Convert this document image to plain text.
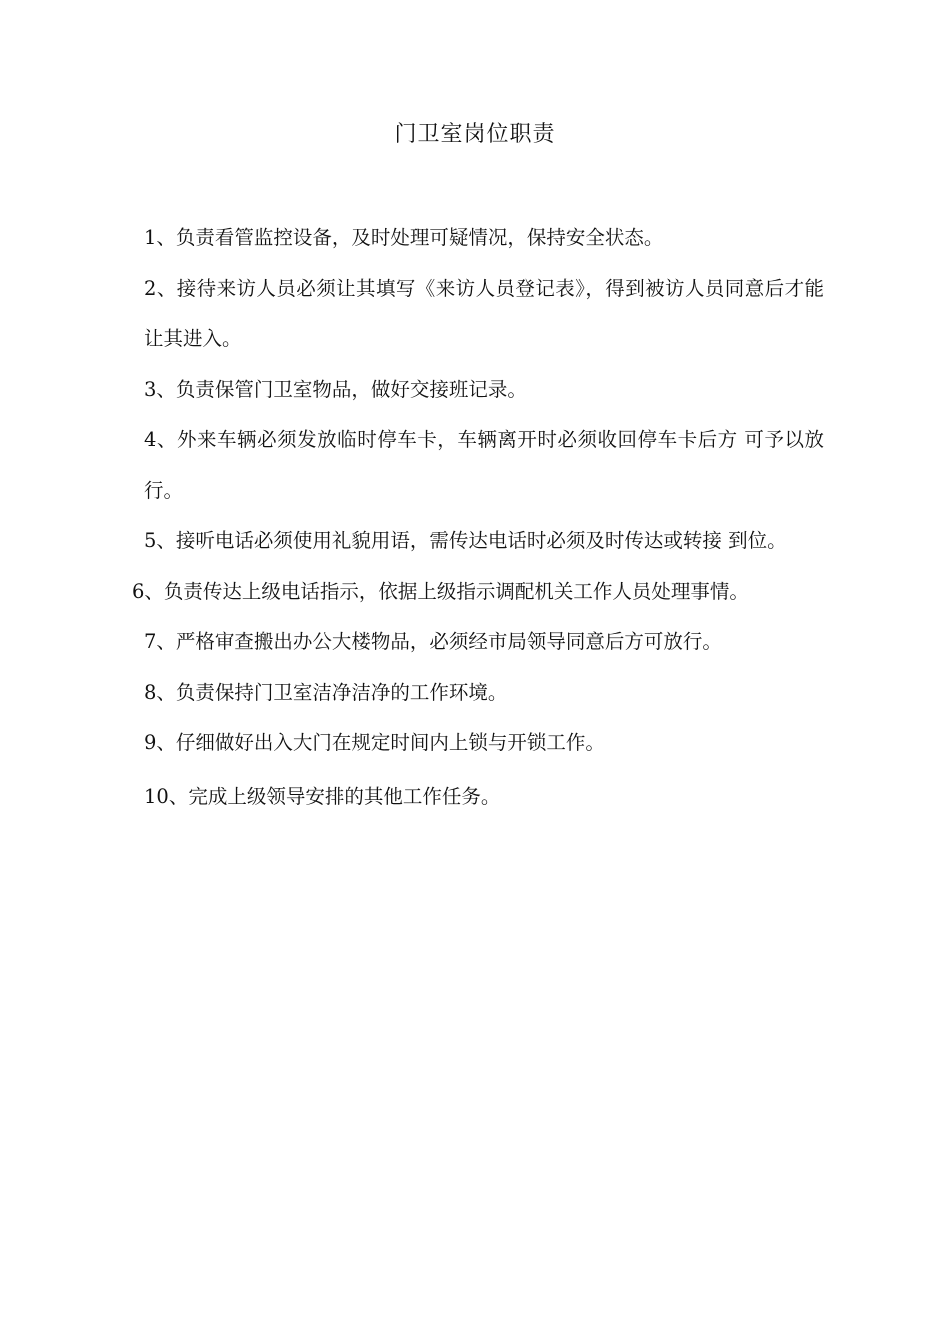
门卫室岗位职责
1、负责看管监控设备，及时处理可疑情况，保持安全状态。
2、接待来访人员必须让其填写《来访人员登记表》，得到被访人员同意后才能让其进入。
3、负责保管门卫室物品，做好交接班记录。
4、外来车辆必须发放临时停车卡，车辆离开时必须收回停车卡后方 可予以放行。
5、接听电话必须使用礼貌用语，需传达电话时必须及时传达或转接 到位。
6、负责传达上级电话指示，依据上级指示调配机关工作人员处理事情。
7、严格审查搬出办公大楼物品，必须经市局领导同意后方可放行。
8、负责保持门卫室洁净洁净的工作环境。
9、仔细做好出入大门在规定时间内上锁与开锁工作。
10、完成上级领导安排的其他工作任务。
